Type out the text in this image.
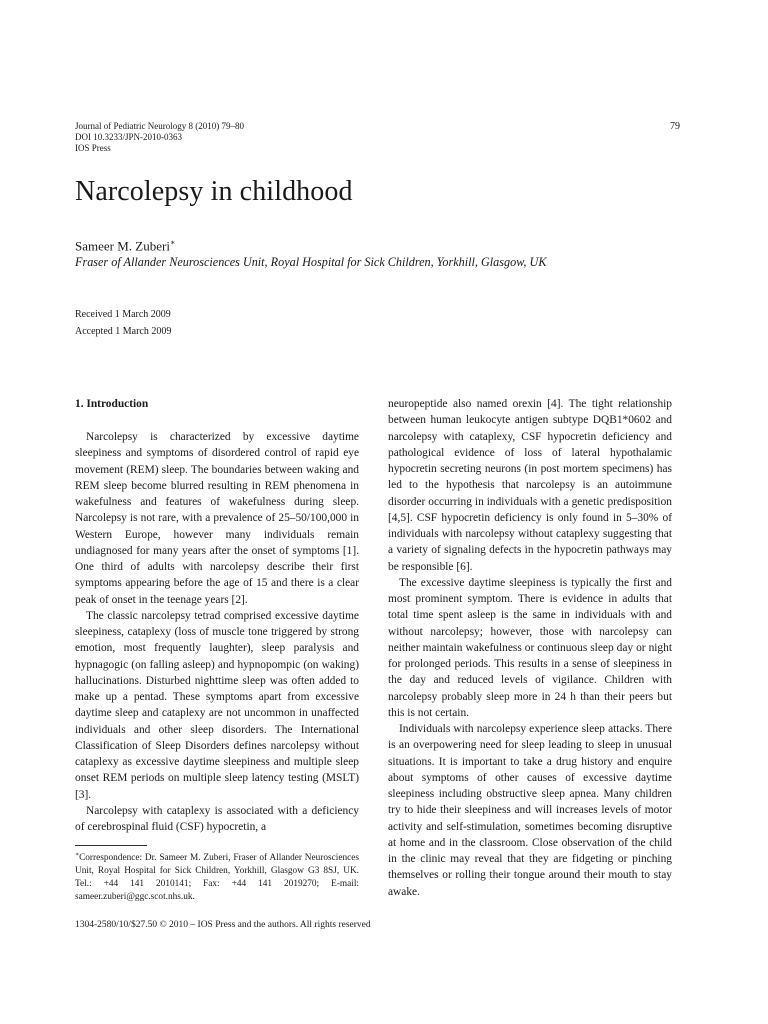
Journal of Pediatric Neurology 8 (2010) 79–80
DOI 10.3233/JPN-2010-0363
IOS Press
79
Narcolepsy in childhood
Sameer M. Zuberi∗
Fraser of Allander Neurosciences Unit, Royal Hospital for Sick Children, Yorkhill, Glasgow, UK
Received 1 March 2009
Accepted 1 March 2009
1. Introduction

Narcolepsy is characterized by excessive daytime sleepiness and symptoms of disordered control of rapid eye movement (REM) sleep. The boundaries between waking and REM sleep become blurred resulting in REM phenomena in wakefulness and features of wakefulness during sleep. Narcolepsy is not rare, with a prevalence of 25–50/100,000 in Western Europe, however many individuals remain undiagnosed for many years after the onset of symptoms [1]. One third of adults with narcolepsy describe their first symptoms appearing before the age of 15 and there is a clear peak of onset in the teenage years [2].

The classic narcolepsy tetrad comprised excessive daytime sleepiness, cataplexy (loss of muscle tone triggered by strong emotion, most frequently laughter), sleep paralysis and hypnagogic (on falling asleep) and hypnopompic (on waking) hallucinations. Disturbed nighttime sleep was often added to make up a pentad. These symptoms apart from excessive daytime sleep and cataplexy are not uncommon in unaffected individuals and other sleep disorders. The International Classification of Sleep Disorders defines narcolepsy without cataplexy as excessive daytime sleepiness and multiple sleep onset REM periods on multiple sleep latency testing (MSLT) [3].

Narcolepsy with cataplexy is associated with a deficiency of cerebrospinal fluid (CSF) hypocretin, a

neuropeptide also named orexin [4]. The tight relationship between human leukocyte antigen subtype DQB1*0602 and narcolepsy with cataplexy, CSF hypocretin deficiency and pathological evidence of loss of lateral hypothalamic hypocretin secreting neurons (in post mortem specimens) has led to the hypothesis that narcolepsy is an autoimmune disorder occurring in individuals with a genetic predisposition [4,5]. CSF hypocretin deficiency is only found in 5–30% of individuals with narcolepsy without cataplexy suggesting that a variety of signaling defects in the hypocretin pathways may be responsible [6].

The excessive daytime sleepiness is typically the first and most prominent symptom. There is evidence in adults that total time spent asleep is the same in individuals with and without narcolepsy; however, those with narcolepsy can neither maintain wakefulness or continuous sleep day or night for prolonged periods. This results in a sense of sleepiness in the day and reduced levels of vigilance. Children with narcolepsy probably sleep more in 24 h than their peers but this is not certain.

Individuals with narcolepsy experience sleep attacks. There is an overpowering need for sleep leading to sleep in unusual situations. It is important to take a drug history and enquire about symptoms of other causes of excessive daytime sleepiness including obstructive sleep apnea. Many children try to hide their sleepiness and will increases levels of motor activity and self-stimulation, sometimes becoming disruptive at home and in the classroom. Close observation of the child in the clinic may reveal that they are fidgeting or pinching themselves or rolling their tongue around their mouth to stay awake.

∗Correspondence: Dr. Sameer M. Zuberi, Fraser of Allander Neurosciences Unit, Royal Hospital for Sick Children, Yorkhill, Glasgow G3 8SJ, UK. Tel.: +44 141 2010141; Fax: +44 141 2019270; E-mail: sameer.zuberi@ggc.scot.nhs.uk.
1304-2580/10/$27.50 © 2010 – IOS Press and the authors. All rights reserved
